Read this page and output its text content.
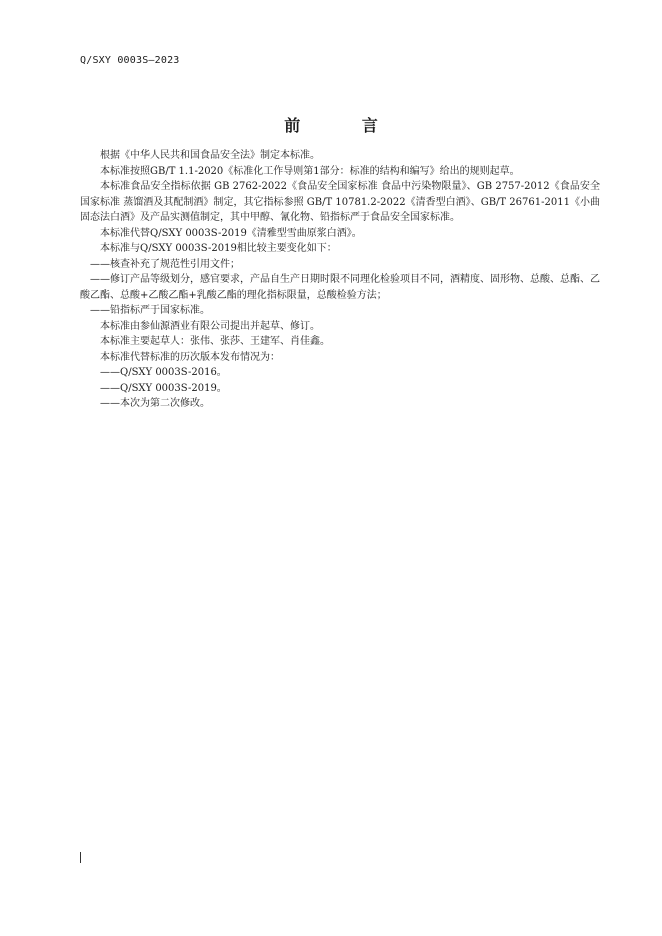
Q/SXY 0003S—2023
前 言

根据《中华人民共和国食品安全法》制定本标准。

本标准按照GB/T 1.1-2020《标准化工作导则第1部分：标准的结构和编写》给出的规则起草。

本标准食品安全指标依据 GB 2762-2022《食品安全国家标准 食品中污染物限量》、GB 2757-2012《食品安全国家标准 蒸馏酒及其配制酒》制定，其它指标参照 GB/T 10781.2-2022《清香型白酒》、GB/T 26761-2011《小曲固态法白酒》及产品实测值制定，其中甲醇、氰化物、铅指标严于食品安全国家标准。

本标准代替Q/SXY 0003S-2019《清雅型雪曲原浆白酒》。

本标准与Q/SXY 0003S-2019相比较主要变化如下：

——核查补充了规范性引用文件；

——修订产品等级划分，感官要求，产品自生产日期时限不同理化检验项目不同，酒精度、固形物、总酸、总酯、乙酸乙酯、总酸+乙酸乙酯+乳酸乙酯的理化指标限量，总酸检验方法；

——铅指标严于国家标准。

本标准由参仙源酒业有限公司提出并起草、修订。

本标准主要起草人：张伟、张莎、王建军、肖佳鑫。

本标准代替标准的历次版本发布情况为：

——Q/SXY 0003S-2016。

——Q/SXY 0003S-2019。

——本次为第二次修改。
